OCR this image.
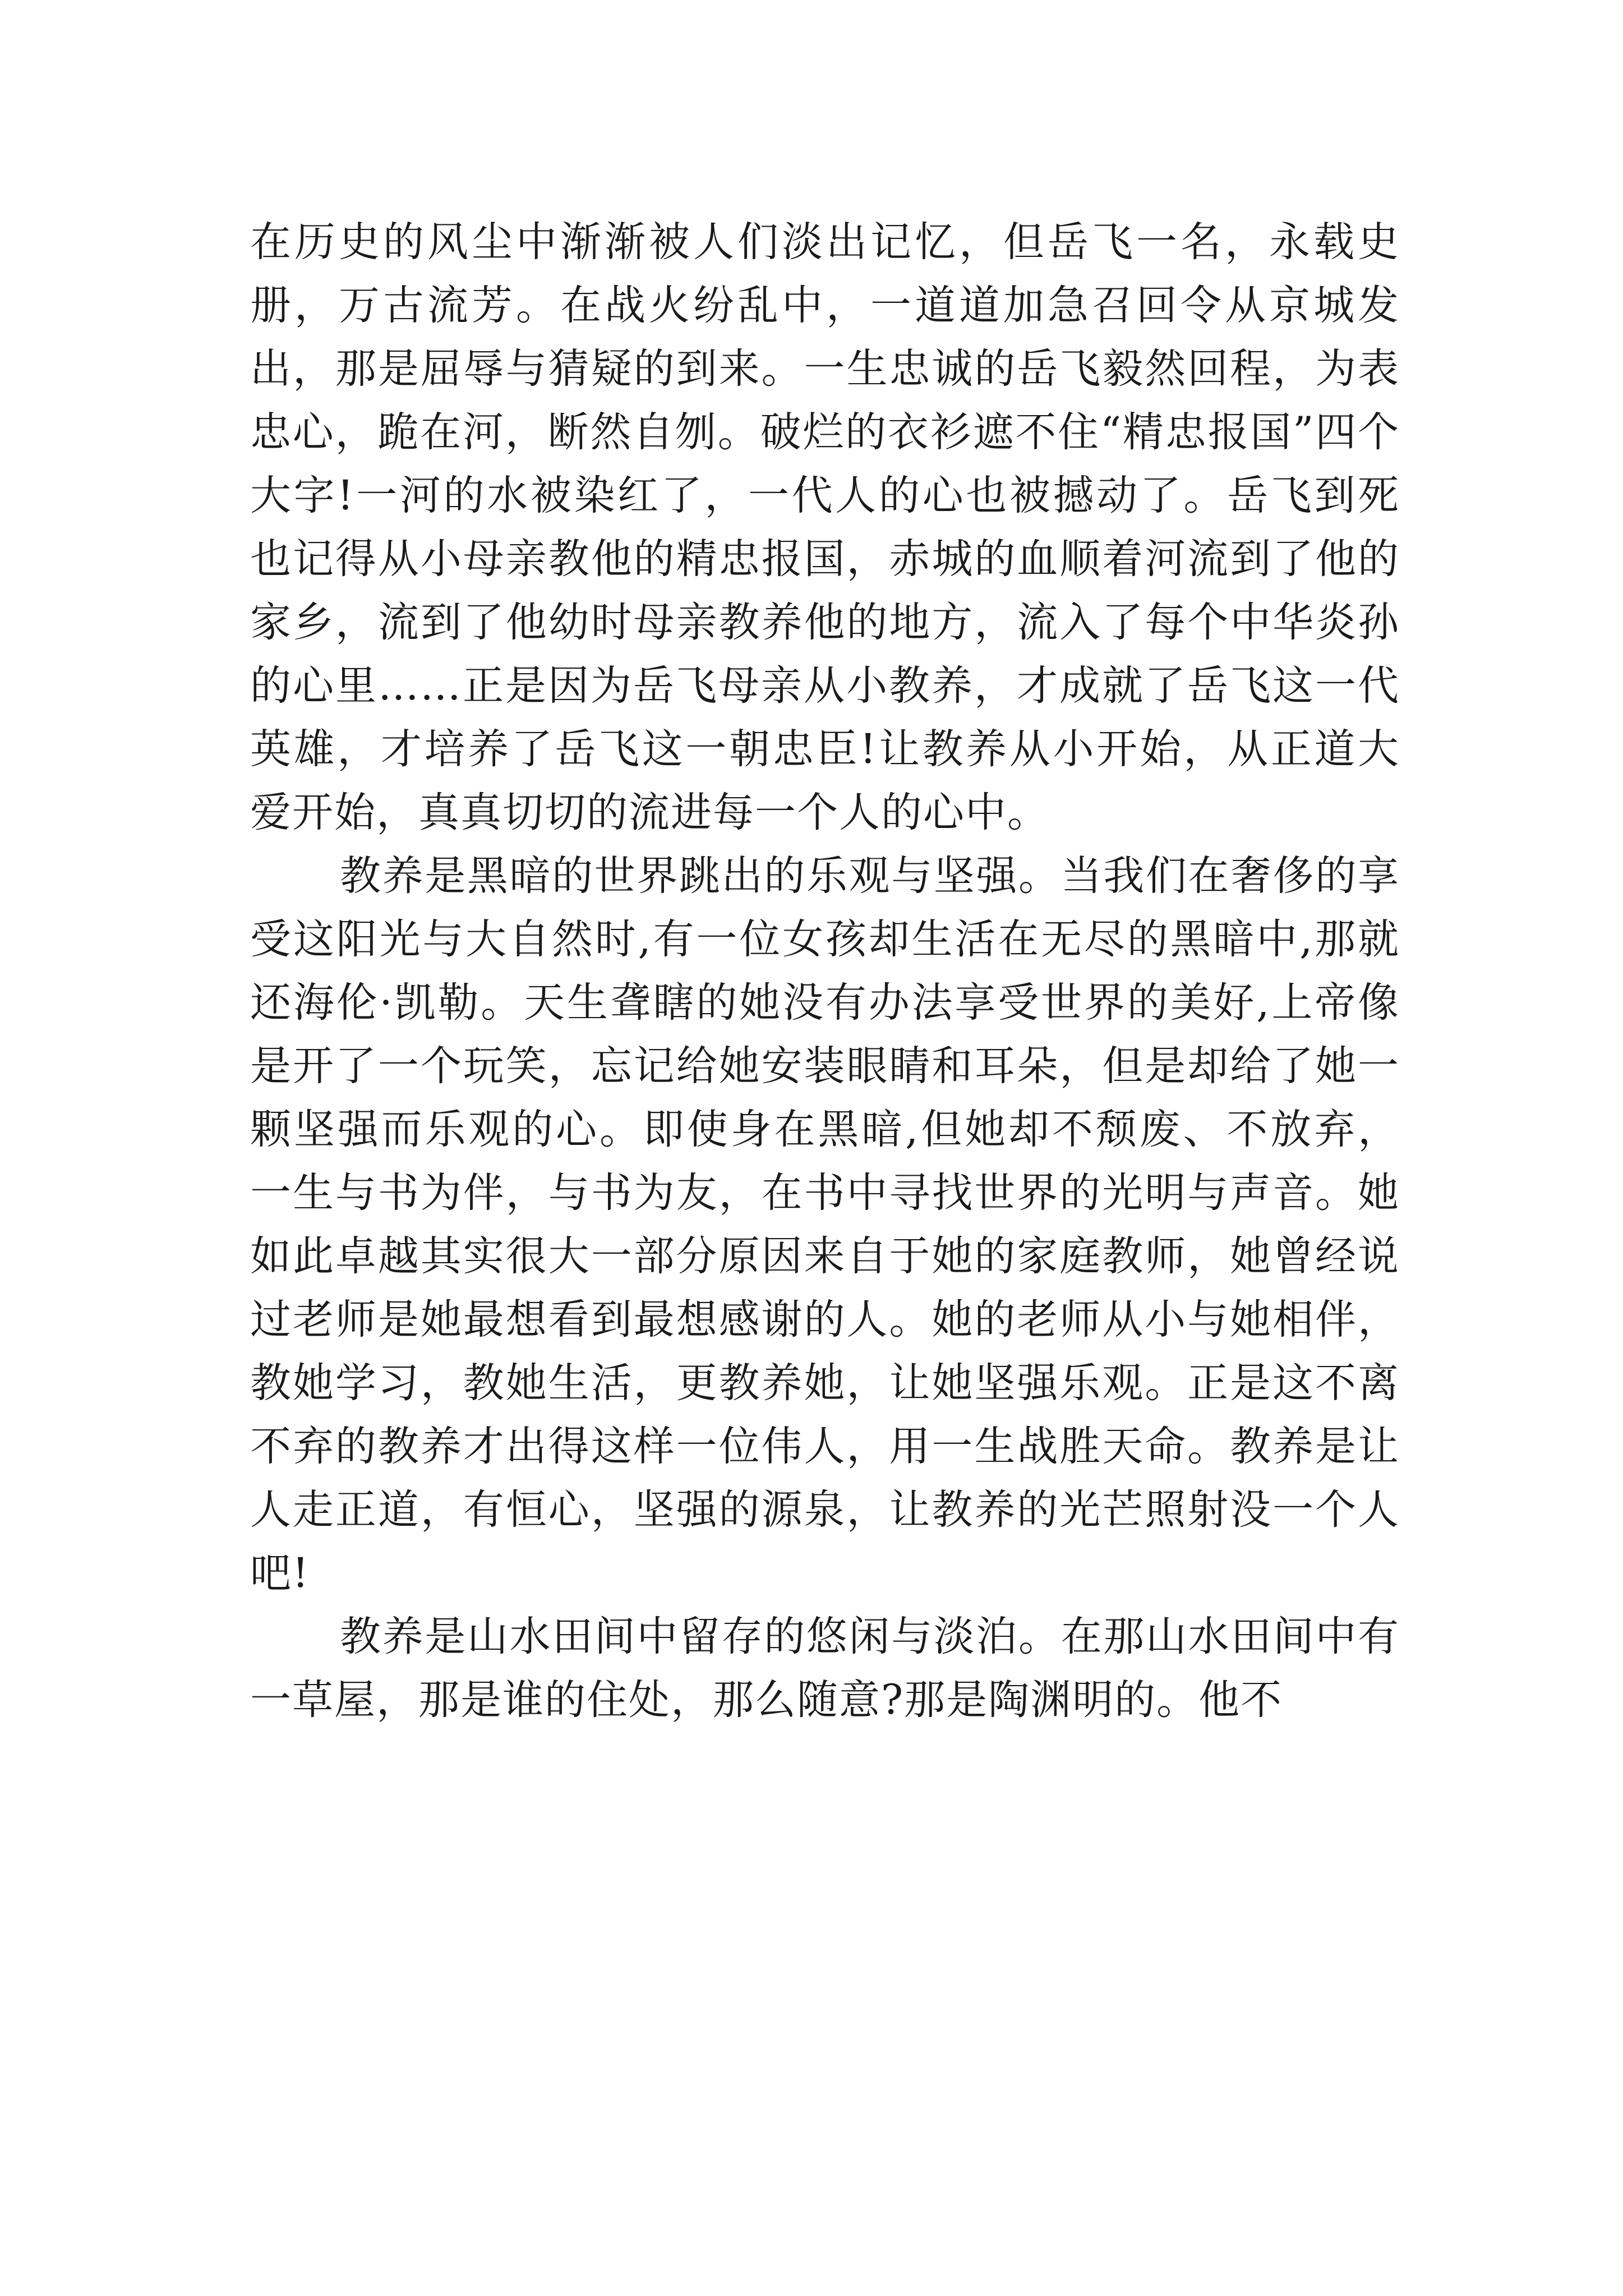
在历史的风尘中渐渐被人们淡出记忆，但岳飞一名，永载史册，万古流芳。在战火纷乱中，一道道加急召回令从京城发出，那是屈辱与猜疑的到来。一生忠诚的岳飞毅然回程，为表忠心，跪在河，断然自刎。破烂的衣衫遮不住“精忠报国”四个大字!一河的水被染红了，一代人的心也被撼动了。岳飞到死也记得从小母亲教他的精忠报国，赤城的血顺着河流到了他的家乡，流到了他幼时母亲教养他的地方，流入了每个中华炎孙的心里……正是因为岳飞母亲从小教养，才成就了岳飞这一代英雄，才培养了岳飞这一朝忠臣!让教养从小开始，从正道大爱开始，真真切切的流进每一个人的心中。

教养是黑暗的世界跳出的乐观与坚强。当我们在奢侈的享受这阳光与大自然时,有一位女孩却生活在无尽的黑暗中,那就还海伦·凯勒。天生聋瞎的她没有办法享受世界的美好,上帝像是开了一个玩笑，忘记给她安装眼睛和耳朵，但是却给了她一颗坚强而乐观的心。即使身在黑暗,但她却不颓废、不放弃，一生与书为伴，与书为友，在书中寻找世界的光明与声音。她如此卓越其实很大一部分原因来自于她的家庭教师，她曾经说过老师是她最想看到最想感谢的人。她的老师从小与她相伴，教她学习，教她生活，更教养她，让她坚强乐观。正是这不离不弃的教养才出得这样一位伟人，用一生战胜天命。教养是让人走正道，有恒心，坚强的源泉，让教养的光芒照射没一个人吧!

教养是山水田间中留存的悠闲与淡泊。在那山水田间中有一草屋，那是谁的住处，那么随意?那是陶渊明的。他不
